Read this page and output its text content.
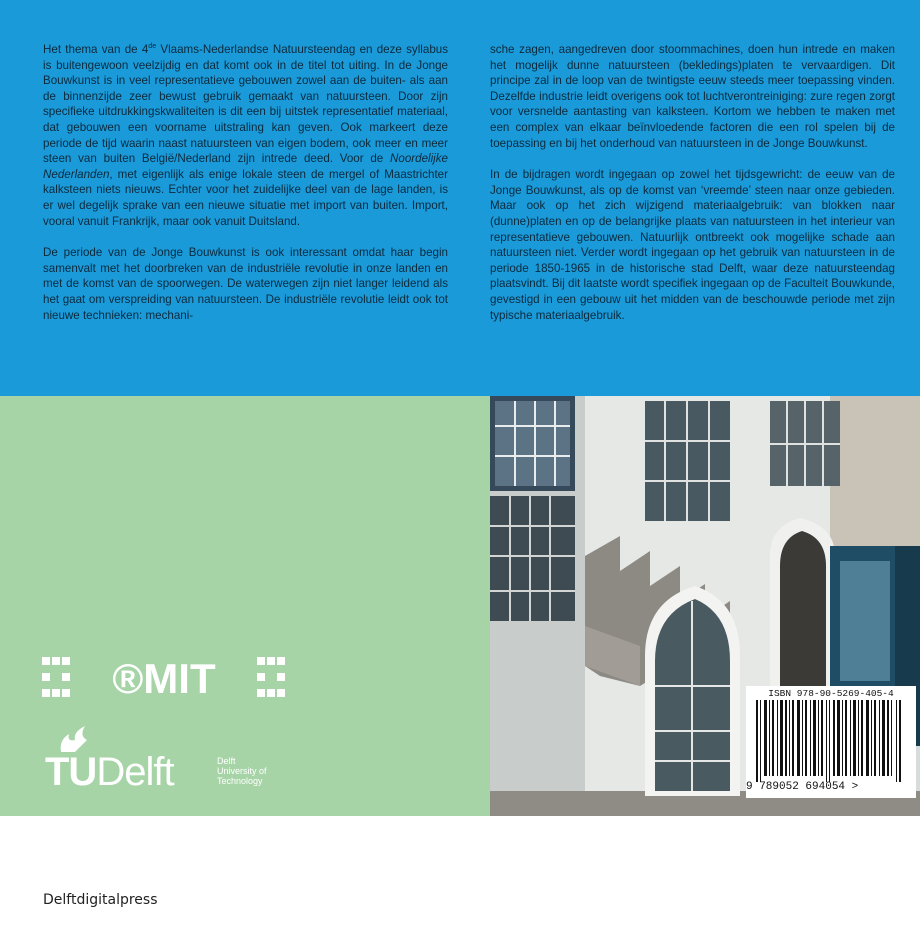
Het thema van de 4de Vlaams-Nederlandse Natuursteendag en deze syllabus is buitengewoon veelzijdig en dat komt ook in de titel tot uiting. In de Jonge Bouwkunst is in veel representatieve gebouwen zowel aan de buiten- als aan de binnenzijde zeer bewust gebruik gemaakt van natuursteen. Door zijn specifieke uitdrukkingskwaliteiten is dit een bij uitstek representatief materiaal, dat gebouwen een voorname uitstraling kan geven. Ook markeert deze periode de tijd waarin naast natuursteen van eigen bodem, ook meer en meer steen van buiten België/Nederland zijn intrede deed. Voor de Noordelijke Nederlanden, met eigenlijk als enige lokale steen de mergel of Maastrichter kalksteen niets nieuws. Echter voor het zuidelijke deel van de lage landen, is er wel degelijk sprake van een nieuwe situatie met import van buiten. Import, vooral vanuit Frankrijk, maar ook vanuit Duitsland.

De periode van de Jonge Bouwkunst is ook interessant omdat haar begin samenvalt met het doorbreken van de industriële revolutie in onze landen en met de komst van de spoorwegen. De waterwegen zijn niet langer leidend als het gaat om verspreiding van natuursteen. De industriële revolutie leidt ook tot nieuwe technieken: mechani-

sche zagen, aangedreven door stoommachines, doen hun intrede en maken het mogelijk dunne natuursteen (bekledings)platen te vervaardigen. Dit principe zal in de loop van de twintigste eeuw steeds meer toepassing vinden. Dezelfde industrie leidt overigens ook tot luchtverontreiniging: zure regen zorgt voor versnelde aantasting van kalksteen. Kortom we hebben te maken met een complex van elkaar beïnvloedende factoren die een rol spelen bij de toepassing en bij het onderhoud van natuursteen in de Jonge Bouwkunst.

In de bijdragen wordt ingegaan op zowel het tijdsgewricht: de eeuw van de Jonge Bouwkunst, als op de komst van ‘vreemde’ steen naar onze gebieden. Maar ook op het zich wijzigend materiaalgebruik: van blokken naar (dunne)platen en op de belangrijke plaats van natuursteen in het interieur van representatieve gebouwen. Natuurlijk ontbreekt ook mogelijke schade aan natuursteen niet. Verder wordt ingegaan op het gebruik van natuursteen in de periode 1850-1965 in de historische stad Delft, waar deze natuursteendag plaatsvindt. Bij dit laatste wordt specifiek ingegaan op de Faculteit Bouwkunde, gevestigd in een gebouw uit het midden van de beschouwde periode met zijn typische materiaalgebruik.

®MIT
TUDelft	Delft
University of
Technology
ISBN 978-90-5269-405-4
9 789052 694054 >
Delftdigitalpress
